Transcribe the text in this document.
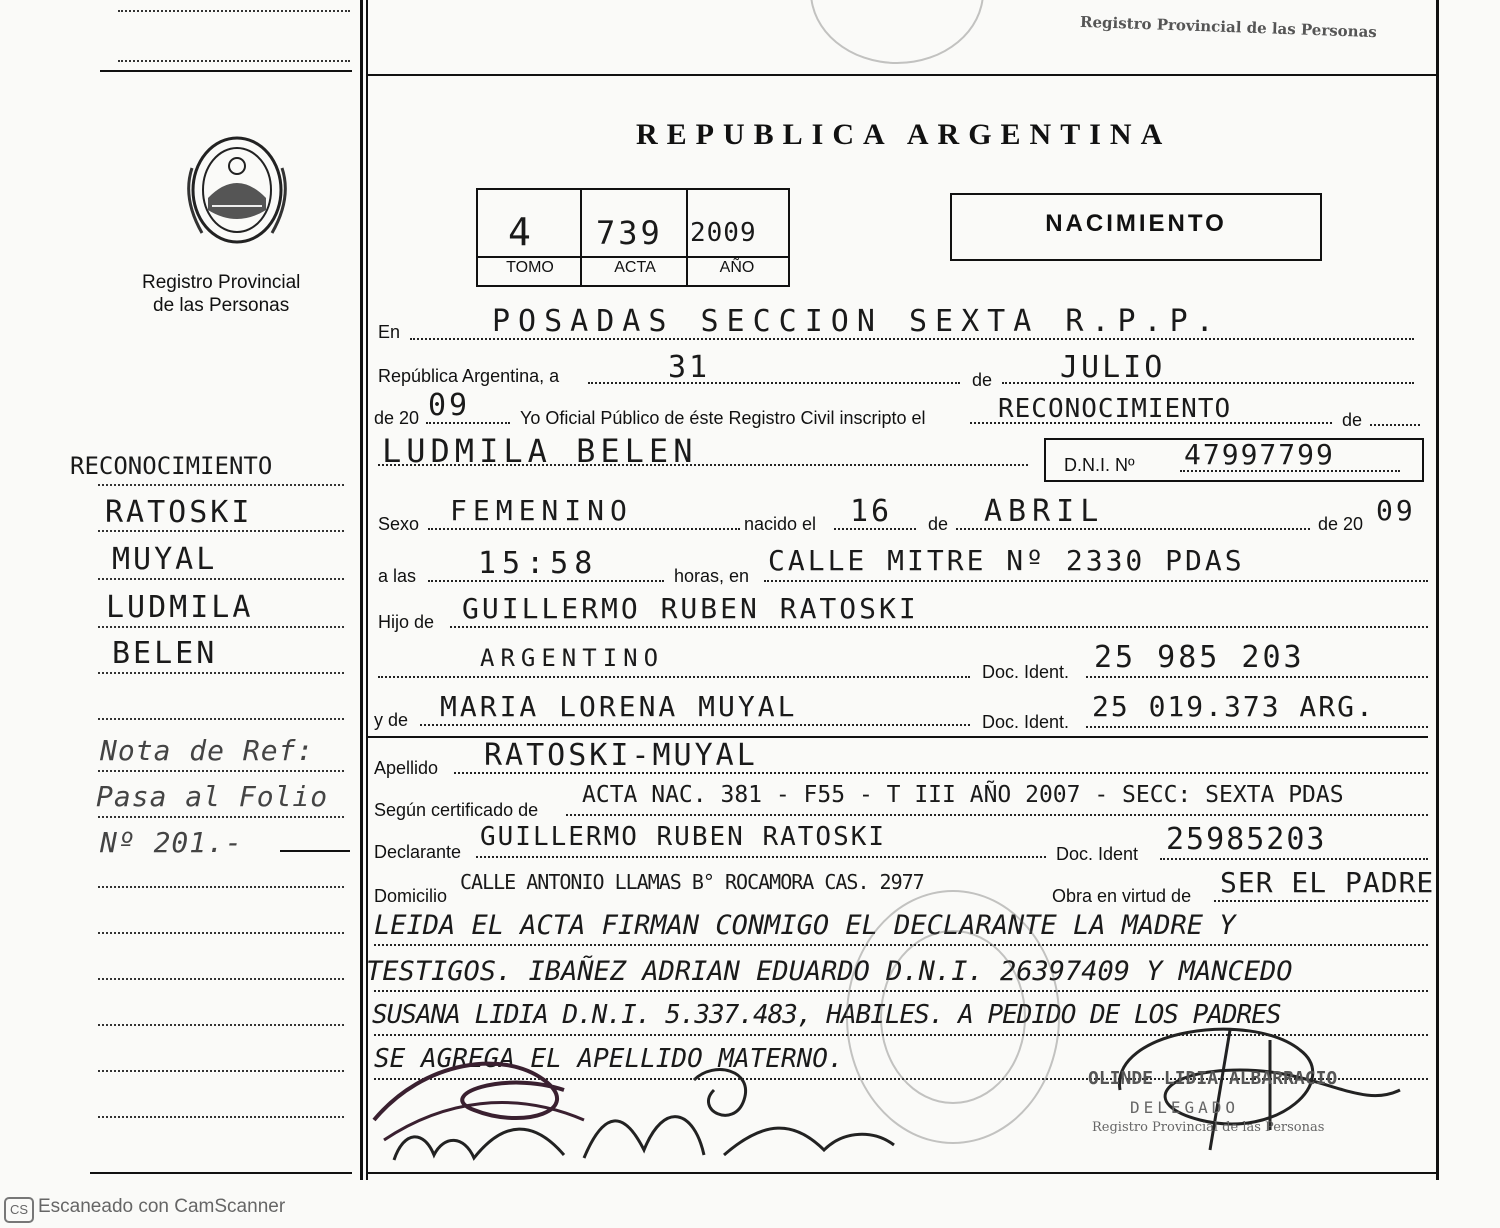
Registro Provincial
de las Personas
RECONOCIMIENTO
RATOSKI
MUYAL
LUDMILA
BELEN
Nota de Ref:
Pasa al Folio
Nº 201.-
Registro Provincial de las Personas
REPUBLICA ARGENTINA
4 739 2009
TOMO	ACTA	AÑO
NACIMIENTO
En	POSADAS SECCION SEXTA R.P.P.
República Argentina, a	31	de JULIO
de 20 09	Yo Oficial Público de éste Registro Civil inscripto el	RECONOCIMIENTO	de
LUDMILA BELEN	D.N.I. Nº 47997799
Sexo FEMENINO	nacido el 16 de ABRIL	de 20 09
a las 15:58	horas, en CALLE MITRE Nº 2330 PDAS
Hijo de GUILLERMO RUBEN RATOSKI
ARGENTINO	Doc. Ident. 25 985 203
y de MARIA LORENA MUYAL	Doc. Ident. 25 019.373 ARG.
Apellido RATOSKI-MUYAL
Según certificado de
ACTA NAC. 381 - F55 - T III AÑO 2007 - SECC: SEXTA PDAS
Declarante GUILLERMO RUBEN RATOSKI
Doc. Ident 25985203
Domicilio
CALLE ANTONIO LLAMAS B° ROCAMORA CAS. 2977
Obra en virtud de SER EL PADRE
LEIDA EL ACTA FIRMAN CONMIGO EL DECLARANTE LA MADRE Y
TESTIGOS. IBAÑEZ ADRIAN EDUARDO D.N.I. 26397409 Y MANCEDO
SUSANA LIDIA D.N.I. 5.337.483, HABILES. A PEDIDO DE LOS PADRES
SE AGREGA EL APELLIDO MATERNO.
OLINDE LIDIA ALBARRACIO
DELEGADO
Registro Provincial de las Personas
CS Escaneado con CamScanner
